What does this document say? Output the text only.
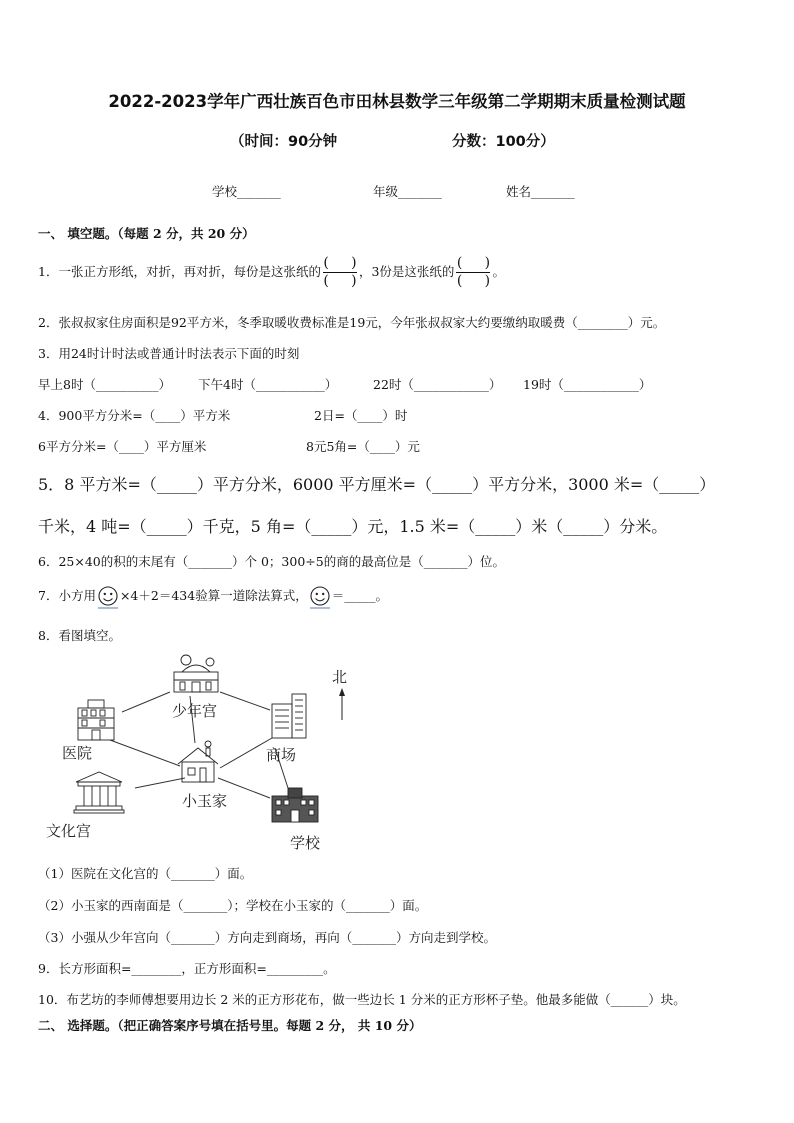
2022-2023学年广西壮族百色市田林县数学三年级第二学期期末质量检测试题
（时间：90分钟	分数：100分）
学校_______	年级_______	姓名_______
一、 填空题。（每题 2 分，共 20 分）
1．一张正方形纸，对折，再对折，每份是这张纸的 $\frac{( )}{( )}$ ，3份是这张纸的 $\frac{( )}{( )}$ 。
2．张叔叔家住房面积是92平方米，冬季取暖收费标准是19元，今年张叔叔家大约要缴纳取暖费（________）元。
3．用24时计时法或普通计时法表示下面的时刻
早上8时（__________） 下午4时（___________）	22时（____________） 19时（____________）
4．900平方分米=（____）平方米	2日=（____）时
6平方分米=（____）平方厘米	8元5角=（____）元
5．8 平方米=（_____）平方分米，6000 平方厘米=（_____）平方分米，3000 米=（_____）
千米，4 吨=（_____）千克，5 角=（_____）元，1.5 米=（_____）米（_____）分米。
6．25×40的积的末尾有（_______）个 0；300÷5的商的最高位是（_______）位。
7．小方用 ×4＋2＝434验算一道除法算式， ＝_____。
8．看图填空。
北
少年宫
医院	商场
小玉家
文化宫
学校
（1）医院在文化宫的（_______）面。
（2）小玉家的西南面是（_______）；学校在小玉家的（_______）面。
（3）小强从少年宫向（_______）方向走到商场，再向（_______）方向走到学校。
9．长方形面积=________，正方形面积=_________。
10．布艺坊的李师傅想要用边长 2 米的正方形花布，做一些边长 1 分米的正方形杯子垫。他最多能做（______）块。
二、 选择题。（把正确答案序号填在括号里。每题 2 分， 共 10 分）
